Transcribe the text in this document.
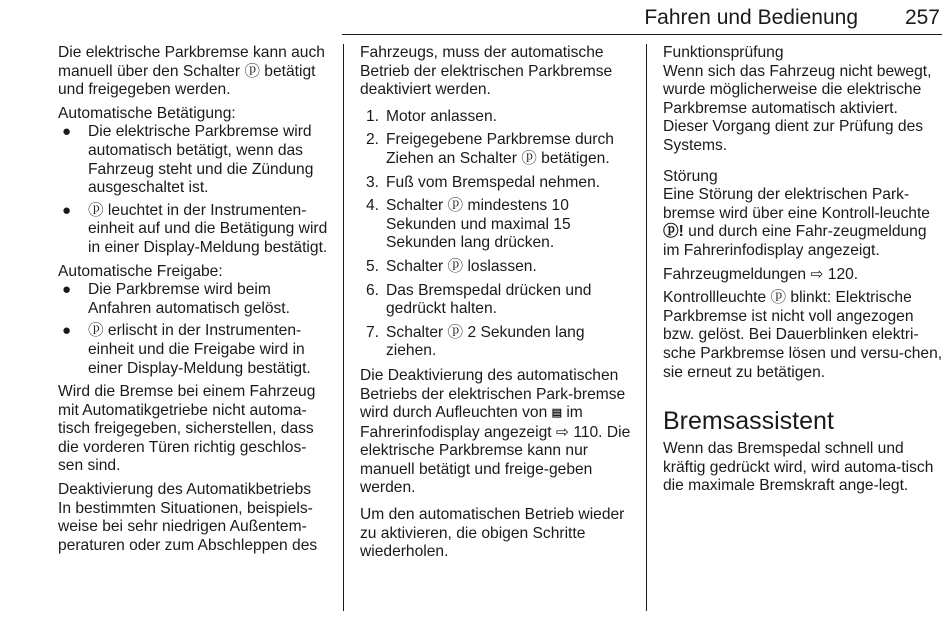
Fahren und Bedienung 257

Die elektrische Parkbremse kann auch manuell über den Schalter ⓟ betätigt und freigegeben werden.

Automatische Betätigung:

● Die elektrische Parkbremse wird automatisch betätigt, wenn das Fahrzeug steht und die Zündung ausgeschaltet ist.
● ⓟ leuchtet in der Instrumenten-einheit auf und die Betätigung wird in einer Display-Meldung bestätigt.

Automatische Freigabe:

● Die Parkbremse wird beim Anfahren automatisch gelöst.
● ⓟ erlischt in der Instrumenten-einheit und die Freigabe wird in einer Display-Meldung bestätigt.

Wird die Bremse bei einem Fahrzeug mit Automatikgetriebe nicht automa-tisch freigegeben, sicherstellen, dass die vorderen Türen richtig geschlos-sen sind.

Deaktivierung des Automatikbetriebs

In bestimmten Situationen, beispiels-weise bei sehr niedrigen Außentem-peraturen oder zum Abschleppen des

Fahrzeugs, muss der automatische Betrieb der elektrischen Parkbremse deaktiviert werden.

1. Motor anlassen.
2. Freigegebene Parkbremse durch Ziehen an Schalter ⓟ betätigen.
3. Fuß vom Bremspedal nehmen.
4. Schalter ⓟ mindestens 10 Sekunden und maximal 15 Sekunden lang drücken.
5. Schalter ⓟ loslassen.
6. Das Bremspedal drücken und gedrückt halten.
7. Schalter ⓟ 2 Sekunden lang ziehen.

Die Deaktivierung des automatischen Betriebs der elektrischen Park-bremse wird durch Aufleuchten von ▤ im Fahrerinfodisplay angezeigt ⇨ 110. Die elektrische Parkbremse kann nur manuell betätigt und freige-geben werden.

Um den automatischen Betrieb wieder zu aktivieren, die obigen Schritte wiederholen.

Funktionsprüfung

Wenn sich das Fahrzeug nicht bewegt, wurde möglicherweise die elektrische Parkbremse automatisch aktiviert. Dieser Vorgang dient zur Prüfung des Systems.

Störung

Eine Störung der elektrischen Park-bremse wird über eine Kontroll-leuchte ⓟ! und durch eine Fahr-zeugmeldung im Fahrerinfodisplay angezeigt.

Fahrzeugmeldungen ⇨ 120.

Kontrollleuchte ⓟ blinkt: Elektrische Parkbremse ist nicht voll angezogen bzw. gelöst. Bei Dauerblinken elektri-sche Parkbremse lösen und versu-chen, sie erneut zu betätigen.

Bremsassistent

Wenn das Bremspedal schnell und kräftig gedrückt wird, wird automa-tisch die maximale Bremskraft ange-legt.
